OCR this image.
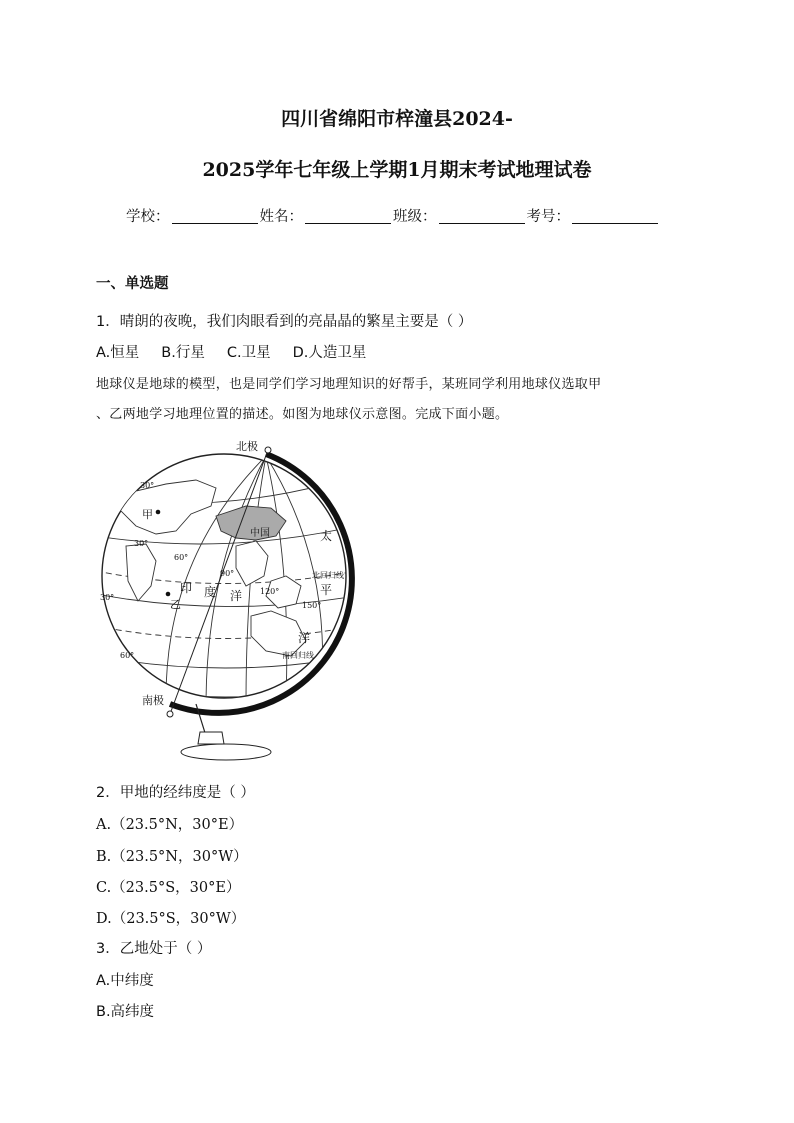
四川省绵阳市梓潼县2024-
2025学年七年级上学期1月期末考试地理试卷
学校：	姓名：	班级：	考号：
一、单选题
1．晴朗的夜晚，我们肉眼看到的亮晶晶的繁星主要是（ ）
A.恒星 B.行星 C.卫星 D.人造卫星
地球仪是地球的模型，也是同学们学习地理知识的好帮手，某班同学利用地球仪选取甲
、乙两地学习地理位置的描述。如图为地球仪示意图。完成下面小题。
北极
南极
中国
甲
乙
印 度 洋
太
平
洋
北回归线
南回归线
30°
30°
30°
60°
60°
90°
120°
150°
2．甲地的经纬度是（ ）
A.（23.5°N，30°E）
B.（23.5°N，30°W）
C.（23.5°S，30°E）
D.（23.5°S，30°W）
3．乙地处于（ ）
A.中纬度
B.高纬度
